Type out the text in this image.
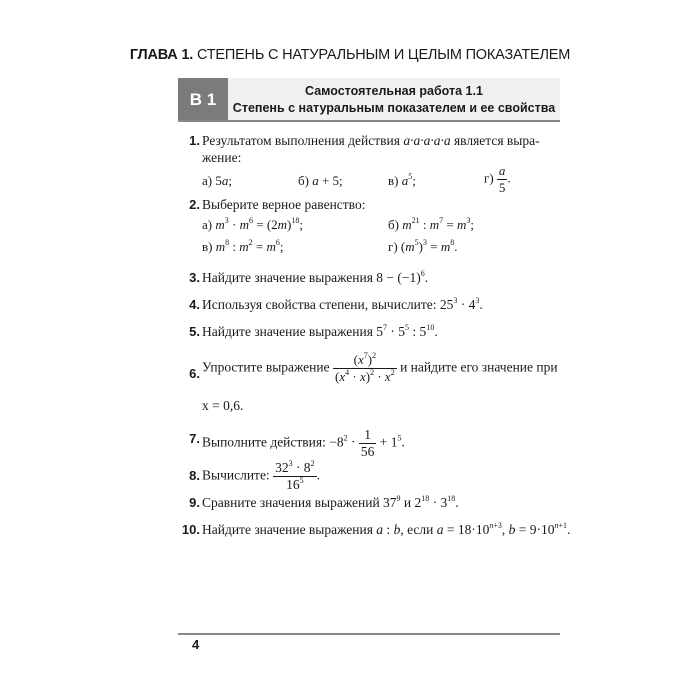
ГЛАВА 1. СТЕПЕНЬ С НАТУРАЛЬНЫМ И ЦЕЛЫМ ПОКАЗАТЕЛЕМ
В 1	Самостоятельная работа 1.1
Степень с натуральным показателем и ее свойства
1. Результатом выполнения действия a·a·a·a·a является выра-
жение:
а) 5a;	б) a + 5;	в) $a^5$;	$г) \frac{a}{5}$ .
2. Выберите верное равенство:
а) $m^3 \cdot m^6 = (2m)^{18}$;	б) $m^{21}$ : $m^7 = m^3$;
в) $m^8$ : $m^2 = m^6$;	г) $(m^5)^3 = m^8$.
3. Найдите значение выражения $8 - (-1)^6$.
4. Используя свойства степени, вычислите: $25^3 \cdot 4^3$.
5. Найдите значение выражения $5^7 \cdot 5^5$ : $5^{10}$.
6. Упростите выражение $\frac{(x^7)^2}{(x^4 \cdot x)^2 \cdot x^2}$ и найдите его значение при
x = 0,6.
7. Выполните действия: $-8^2 \cdot \frac{1}{56} + 1^5$.
8. Вычислите: $\frac{32^3 \cdot 8^2}{16^5}$ .
9. Сравните значения выражений $37^9$ и $2^{18} \cdot 3^{18}$.
10. Найдите значение выражения a : b, если $a = 18\cdot 10^{n+3}$, $b = 9\cdot 10^{n+1}$.
4
